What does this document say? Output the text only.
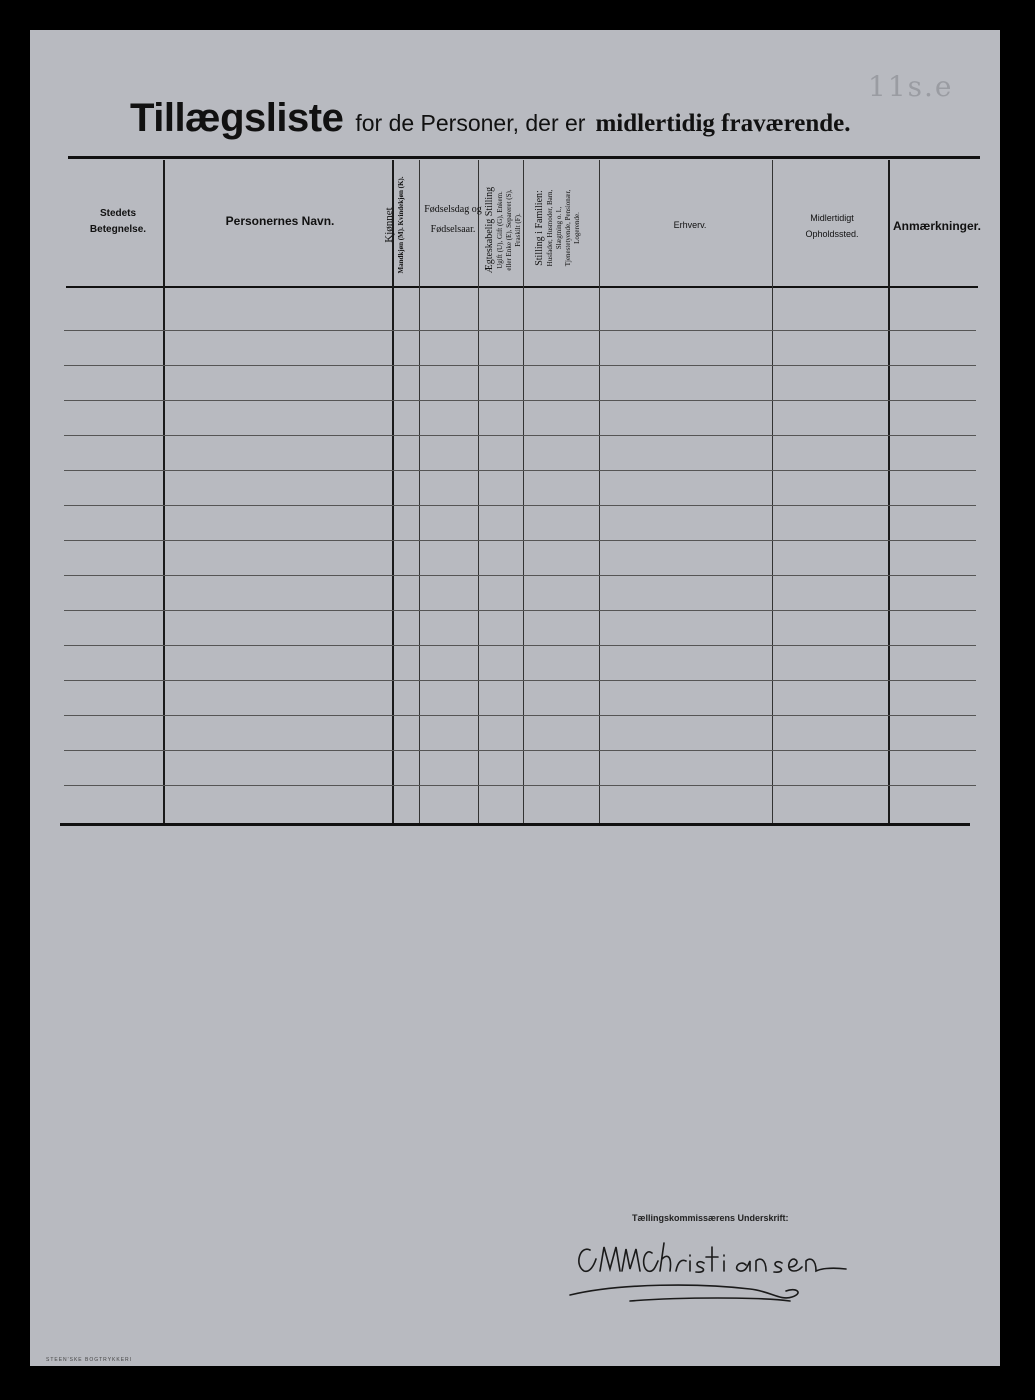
11s.e
Tillægsliste for de Personer, der er midlertidig fraværende.
Stedets Betegnelse.
Personernes Navn.	Kjønnet Mandkjøn (M). Kvindekjøn (K). Fødselsdag og Fødselsaar. Ægteskabelig Stilling Ugift (U), Gift (G), Enkem. eller Enke (E), Separeret (S), Fraskilt (F). Stilling i Familien: Husfader, Husmoder, Barn, Slægtning o. l., Tjenestetyende, Pensionær, Logerende.	Erhverv.
Midlertidigt Opholdssted.
Anmærkninger.
Tællingskommissærens Underskrift:
M. Christiansen
STEEN'SKE BOGTRYKKERI
